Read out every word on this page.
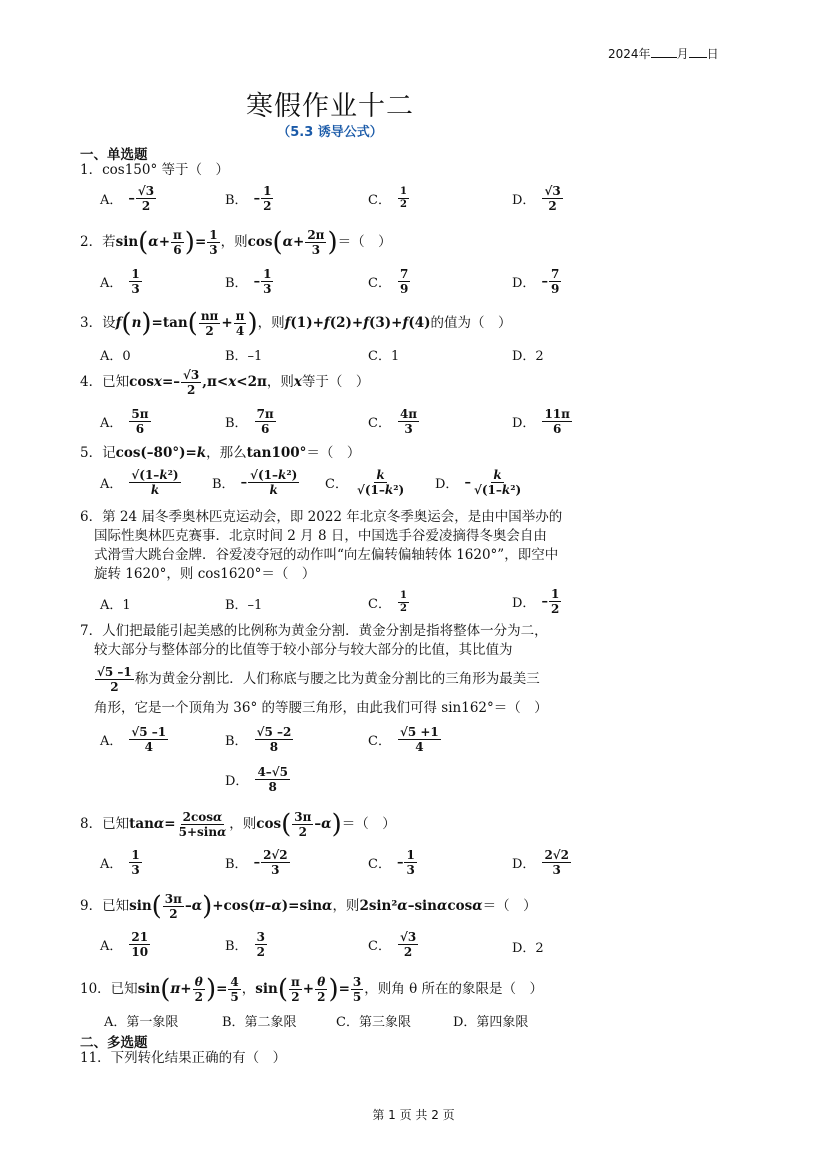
2024年 月 日
寒假作业十二
（5.3 诱导公式）
一、单选题
1．cos150° 等于（　）
A． – $\frac{√3}{2}$	B． – $\frac{1}{2}$	C． $\frac{1}{2}$	D． $\frac{√3}{2}$
2．若$\sin(\alpha+ \frac{\pi}{6}$ )= $\frac{1}{3}$ ，则$\cos(\alpha+ \frac{2\pi}{3}$ )＝（　）
A． $\frac{1}{3}$	B． – $\frac{1}{3}$	C． $\frac{7}{9}$	D． – $\frac{7}{9}$
3．设$f(n)=\tan( \frac{n\pi}{2} + \frac{\pi}{4}$ )，则f(1)+f(2)+f(3)+f(4)的值为（　）
A．0	B．–1	C．1	D．2
4．已知$\cos x=- \frac{√3}{2} ,\pi<x<2\pi$，则x等于（　）
A． $\frac{5\pi}{6}$	B． $\frac{7\pi}{6}$	C． $\frac{4\pi}{3}$	D． $\frac{11\pi}{6}$
5．记cos(–80°)=k，那么tan100°＝（　）
A． $\frac{\text{√(1–k²)}}{k}$ B． – $\frac{\text{√(1–k²)}}{k}$ C． $\frac{k}{\text{√(1–k²)}}$ D． – $\frac{k}{\text{√(1–k²)}}$
6．第 24 届冬季奥林匹克运动会，即 2022 年北京冬季奥运会，是由中国举办的
国际性奥林匹克赛事．北京时间 2 月 8 日，中国选手谷爱凌摘得冬奥会自由
式滑雪大跳台金牌．谷爱凌夺冠的动作叫“向左偏转偏轴转体 1620°”，即空中
旋转 1620°，则 cos1620°＝（　）
A．1	B．–1	C． $\frac{1}{2}$	D． – $\frac{1}{2}$
7．人们把最能引起美感的比例称为黄金分割．黄金分割是指将整体一分为二，
较大部分与整体部分的比值等于较小部分与较大部分的比值，其比值为
$\frac{√5 -1}{2}$ 称为黄金分割比．人们称底与腰之比为黄金分割比的三角形为最美三
角形，它是一个顶角为 36° 的等腰三角形，由此我们可得 sin162°＝（　）
A． $\frac{√5 -1}{4}$	B． $\frac{√5 -2}{8}$	C． $\frac{√5 +1}{4}$
D． $\frac{4-√5}{8}$
8．已知$\tan\alpha= \frac{2\cos\alpha}{5+\sin\alpha}$ ，则$\cos( \frac{3\pi}{2} -\alpha)=$（　）
A． $\frac{1}{3}$	B． – $\frac{2√2}{3}$	C． – $\frac{1}{3}$	D． $\frac{2√2}{3}$
9．已知$\sin( \frac{3\pi}{2} -\alpha)+\cos(\pi-\alpha)=\sin\alpha$，则2sin²α–sinαcosα＝（　）
A． $\frac{21}{10}$	B． $\frac{3}{2}$	C． $\frac{√3}{2}$	D．2
10．已知$\sin(\pi+ \frac{\theta}{2}$ )= $\frac{4}{5}$ ，$\sin( \frac{\pi}{2} + \frac{\theta}{2}$ )= $\frac{3}{5}$ ，则角 θ 所在的象限是（　）
A．第一象限	B．第二象限	C．第三象限	D．第四象限
二、多选题
11．下列转化结果正确的有（　）
第 1 页 共 2 页
